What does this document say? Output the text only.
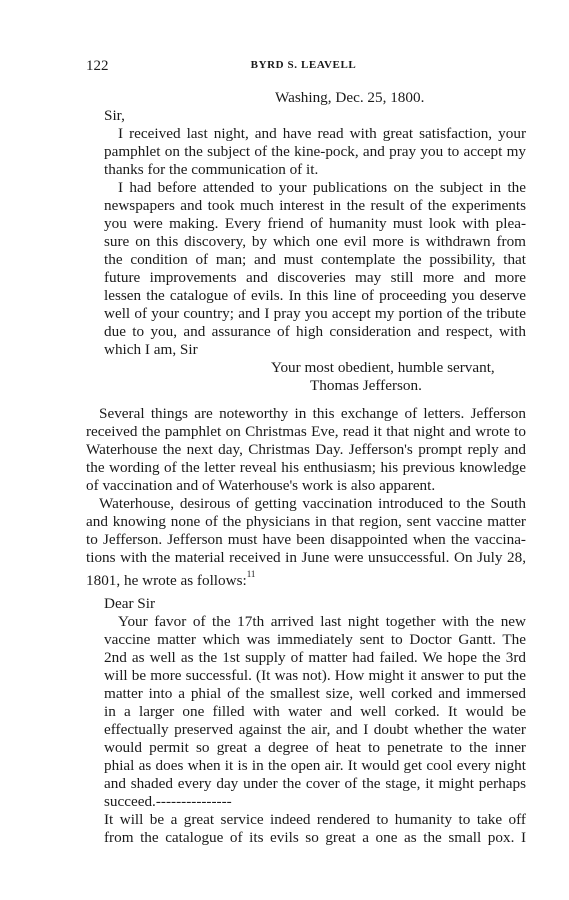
122	BYRD S. LEAVELL
Washing, Dec. 25, 1800.
Sir,
I received last night, and have read with great satisfaction, your
pamphlet on the subject of the kine-pock, and pray you to accept my
thanks for the communication of it.
I had before attended to your publications on the subject in the
newspapers and took much interest in the result of the experiments
you were making. Every friend of humanity must look with plea-
sure on this discovery, by which one evil more is withdrawn from
the condition of man; and must contemplate the possibility, that
future improvements and discoveries may still more and more
lessen the catalogue of evils. In this line of proceeding you deserve
well of your country; and I pray you accept my portion of the tribute
due to you, and assurance of high consideration and respect, with
which I am, Sir
Your most obedient, humble servant,
Thomas Jefferson.
Several things are noteworthy in this exchange of letters. Jefferson
received the pamphlet on Christmas Eve, read it that night and wrote to
Waterhouse the next day, Christmas Day. Jefferson's prompt reply and
the wording of the letter reveal his enthusiasm; his previous knowledge
of vaccination and of Waterhouse's work is also apparent.
Waterhouse, desirous of getting vaccination introduced to the South
and knowing none of the physicians in that region, sent vaccine matter
to Jefferson. Jefferson must have been disappointed when the vaccina-
tions with the material received in June were unsuccessful. On July 28,
1801, he wrote as follows:$^{11}$
Dear Sir
Your favor of the 17th arrived last night together with the new
vaccine matter which was immediately sent to Doctor Gantt. The
2nd as well as the 1st supply of matter had failed. We hope the 3rd
will be more successful. (It was not). How might it answer to put the
matter into a phial of the smallest size, well corked and immersed
in a larger one filled with water and well corked. It would be
effectually preserved against the air, and I doubt whether the water
would permit so great a degree of heat to penetrate to the inner
phial as does when it is in the open air. It would get cool every night
and shaded every day under the cover of the stage, it might perhaps
succeed.---------------
It will be a great service indeed rendered to humanity to take off
from the catalogue of its evils so great a one as the small pox. I
